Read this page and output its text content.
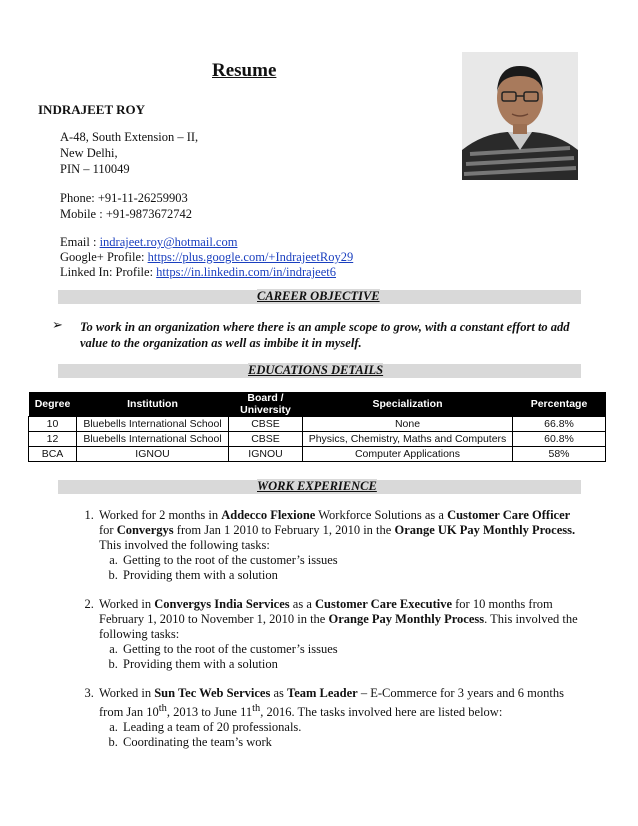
Resume
INDRAJEET ROY
A-48, South Extension – II,
New Delhi,
PIN – 110049
Phone: +91-11-26259903
Mobile : +91-9873672742
Email : indrajeet.roy@hotmail.com
Google+ Profile: https://plus.google.com/+IndrajeetRoy29
Linked In: Profile: https://in.linkedin.com/in/indrajeet6
CAREER OBJECTIVE
➢ To work in an organization where there is an ample scope to grow, with a constant effort to add value to the organization as well as imbibe it in myself.
EDUCATIONS DETAILS
Degree	Institution	Board / University	Specialization	Percentage
10	Bluebells International School	CBSE	None	66.8%
12	Bluebells International School	CBSE	Physics, Chemistry, Maths and Computers	60.8%
BCA	IGNOU	IGNOU	Computer Applications	58%
WORK EXPERIENCE
1. Worked for 2 months in Addecco Flexione Workforce Solutions as a Customer Care Officer for Convergys from Jan 1 2010 to February 1, 2010 in the Orange UK Pay Monthly Process. This involved the following tasks:
a. Getting to the root of the customer’s issues
b. Providing them with a solution
2. Worked in Convergys India Services as a Customer Care Executive for 10 months from February 1, 2010 to November 1, 2010 in the Orange Pay Monthly Process. This involved the following tasks:
a. Getting to the root of the customer’s issues
b. Providing them with a solution
3. Worked in Sun Tec Web Services as Team Leader – E-Commerce for 3 years and 6 months from Jan 10th, 2013 to June 11th, 2016. The tasks involved here are listed below:
a. Leading a team of 20 professionals.
b. Coordinating the team’s work
